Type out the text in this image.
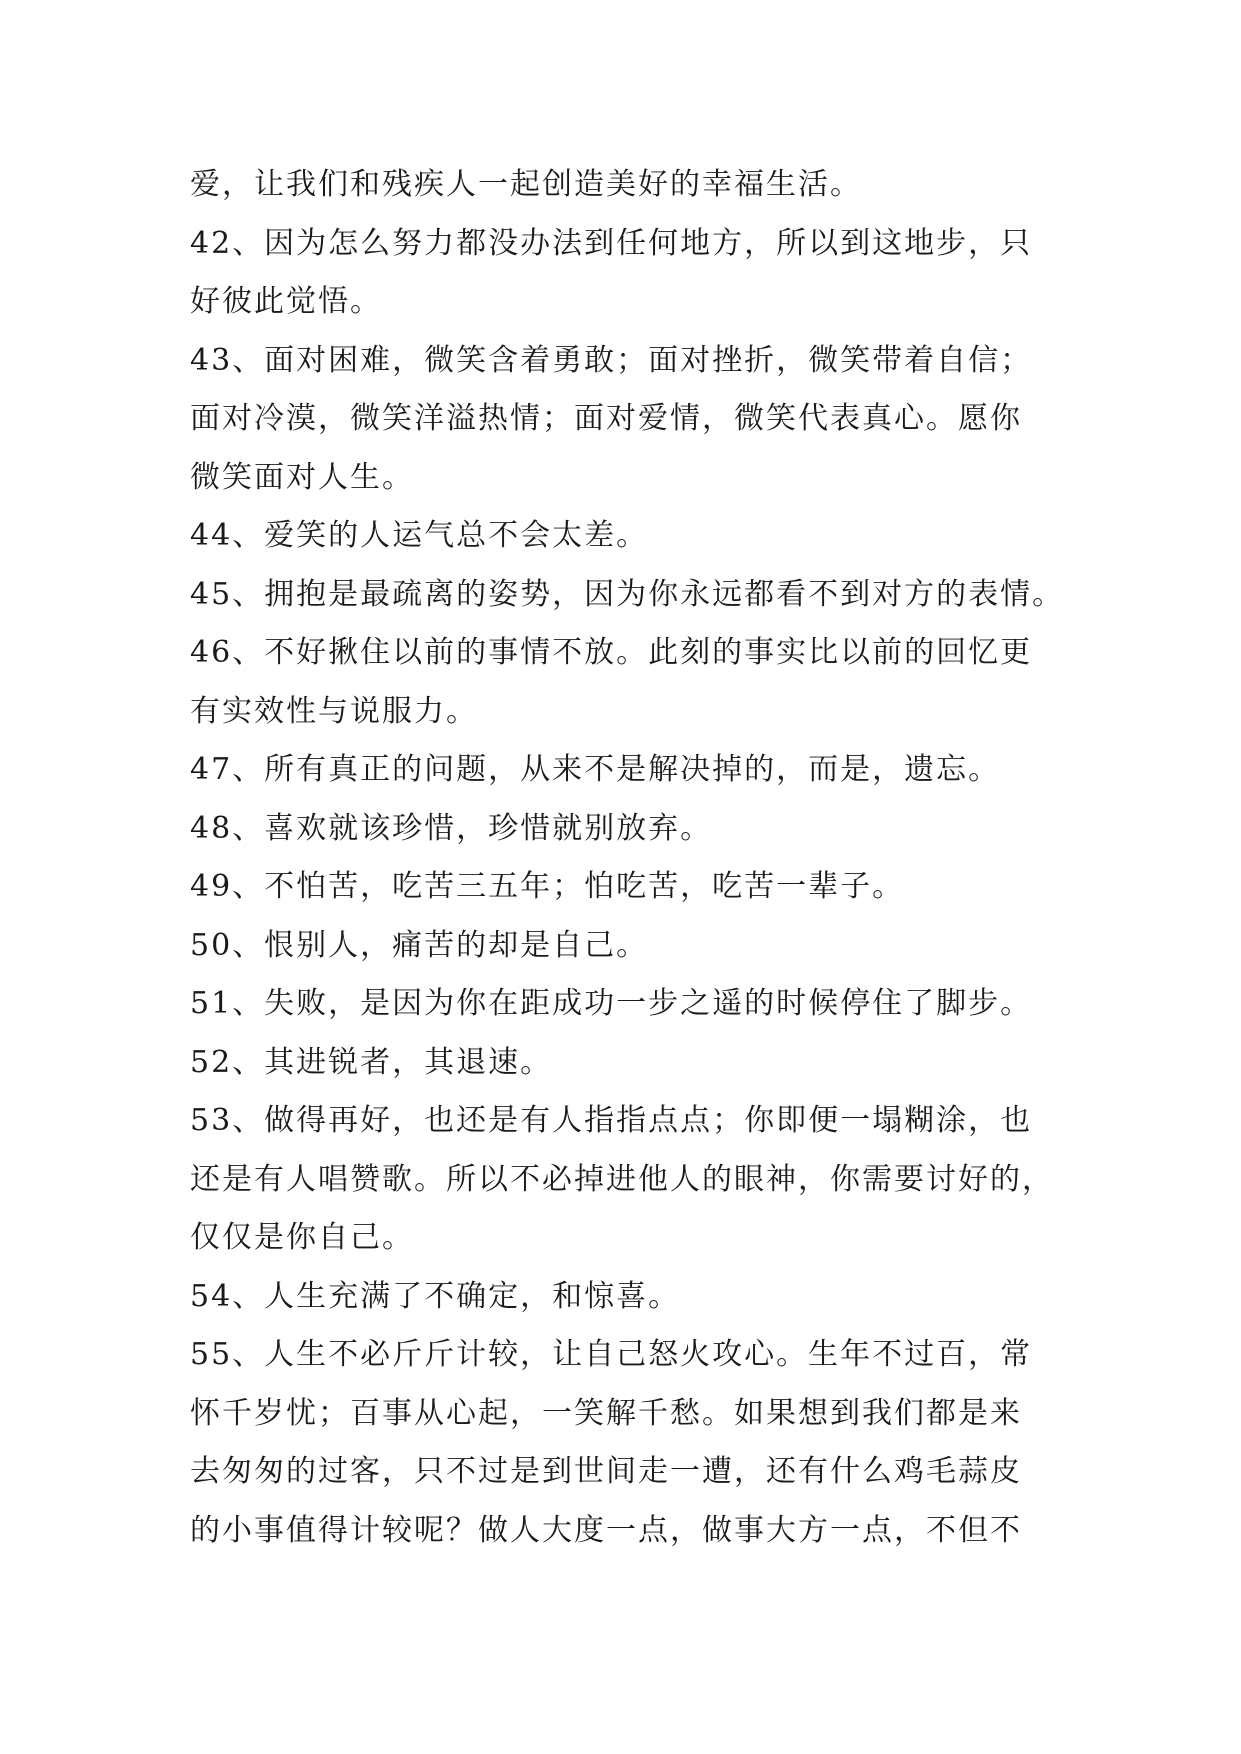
爱，让我们和残疾人一起创造美好的幸福生活。
42、因为怎么努力都没办法到任何地方，所以到这地步，只
好彼此觉悟。
43、面对困难，微笑含着勇敢；面对挫折，微笑带着自信；
面对冷漠，微笑洋溢热情；面对爱情，微笑代表真心。愿你
微笑面对人生。
44、爱笑的人运气总不会太差。
45、拥抱是最疏离的姿势，因为你永远都看不到对方的表情。
46、不好揪住以前的事情不放。此刻的事实比以前的回忆更
有实效性与说服力。
47、所有真正的问题，从来不是解决掉的，而是，遗忘。
48、喜欢就该珍惜，珍惜就别放弃。
49、不怕苦，吃苦三五年；怕吃苦，吃苦一辈子。
50、恨别人，痛苦的却是自己。
51、失败，是因为你在距成功一步之遥的时候停住了脚步。
52、其进锐者，其退速。
53、做得再好，也还是有人指指点点；你即便一塌糊涂，也
还是有人唱赞歌。所以不必掉进他人的眼神，你需要讨好的，
仅仅是你自己。
54、人生充满了不确定，和惊喜。
55、人生不必斤斤计较，让自己怒火攻心。生年不过百，常
怀千岁忧；百事从心起，一笑解千愁。如果想到我们都是来
去匆匆的过客，只不过是到世间走一遭，还有什么鸡毛蒜皮
的小事值得计较呢？做人大度一点，做事大方一点，不但不
